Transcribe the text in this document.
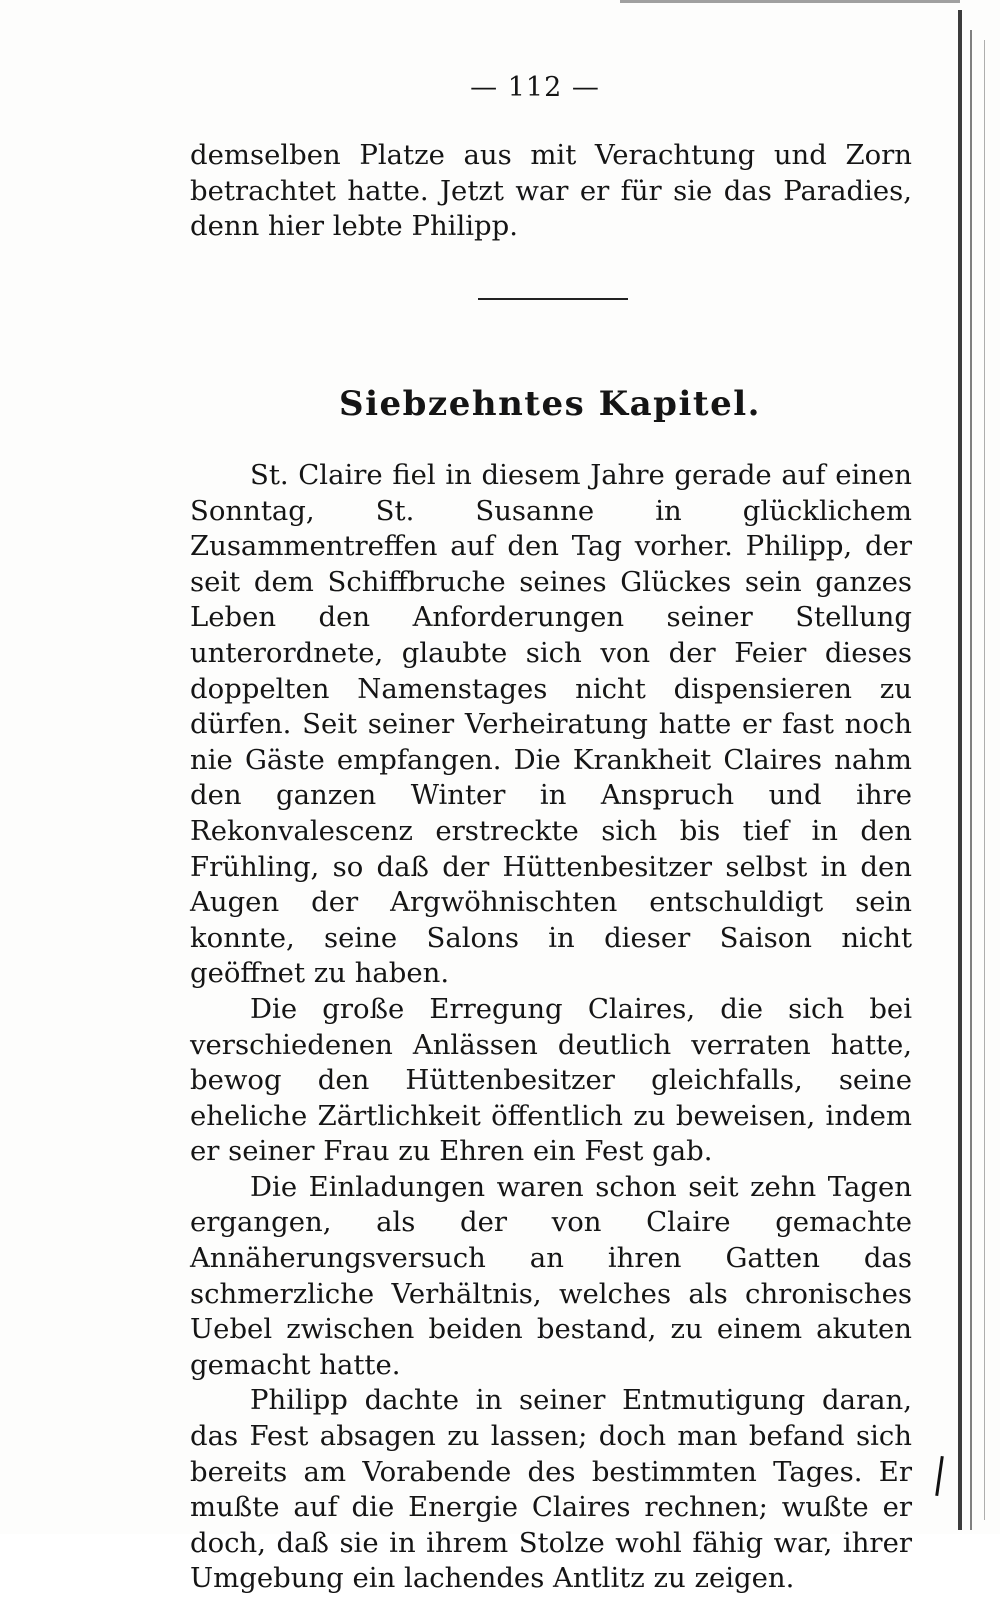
— 112 —

demselben Platze aus mit Verachtung und Zorn betrachtet hatte. Jetzt war er für sie das Paradies, denn hier lebte Philipp.

Siebzehntes Kapitel.

St. Claire fiel in diesem Jahre gerade auf einen Sonntag, St. Susanne in glücklichem Zusammentreffen auf den Tag vorher. Philipp, der seit dem Schiffbruche seines Glückes sein ganzes Leben den Anforderungen seiner Stellung unterordnete, glaubte sich von der Feier dieses doppelten Namenstages nicht dispensieren zu dürfen. Seit seiner Verheiratung hatte er fast noch nie Gäste empfangen. Die Krankheit Claires nahm den ganzen Winter in Anspruch und ihre Rekonvalescenz erstreckte sich bis tief in den Frühling, so daß der Hüttenbesitzer selbst in den Augen der Argwöhnischten entschuldigt sein konnte, seine Salons in dieser Saison nicht geöffnet zu haben.

Die große Erregung Claires, die sich bei verschiedenen Anlässen deutlich verraten hatte, bewog den Hüttenbesitzer gleichfalls, seine eheliche Zärtlichkeit öffentlich zu beweisen, indem er seiner Frau zu Ehren ein Fest gab.

Die Einladungen waren schon seit zehn Tagen ergangen, als der von Claire gemachte Annäherungsversuch an ihren Gatten das schmerzliche Verhältnis, welches als chronisches Uebel zwischen beiden bestand, zu einem akuten gemacht hatte.

Philipp dachte in seiner Entmutigung daran, das Fest absagen zu lassen; doch man befand sich bereits am Vorabende des bestimmten Tages. Er mußte auf die Energie Claires rechnen; wußte er doch, daß sie in ihrem Stolze wohl fähig war, ihrer Umgebung ein lachendes Antlitz zu zeigen.
